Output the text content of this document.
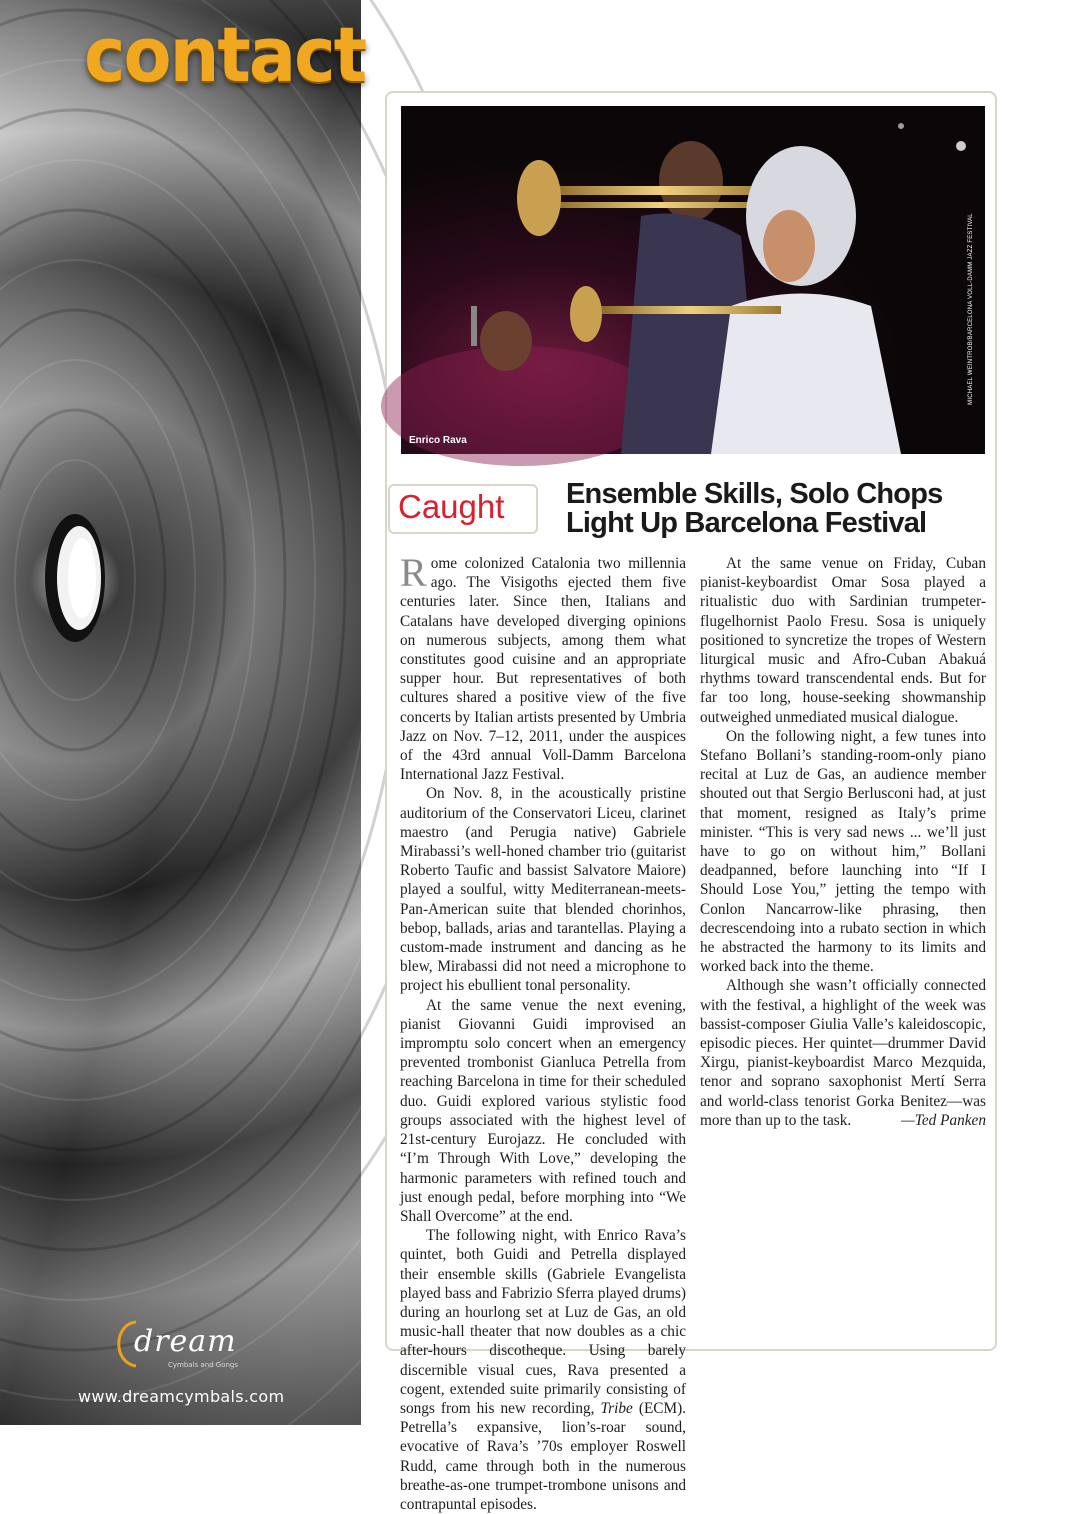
contact
dream
Cymbals and Gongs
www.dreamcymbals.com
Enrico Rava
MICHAEL WEINTROB/BARCELONA VOLL-DAMM JAZZ FESTIVAL
Caught Ensemble Skills, Solo Chops Light Up Barcelona Festival

Rome colonized Catalonia two millennia ago. The Visigoths ejected them five centuries later. Since then, Italians and Catalans have developed diverging opinions on numerous subjects, among them what constitutes good cuisine and an appropriate supper hour. But representatives of both cultures shared a positive view of the five concerts by Italian artists presented by Umbria Jazz on Nov. 7–12, 2011, under the auspices of the 43rd annual Voll-Damm Barcelona International Jazz Festival.

On Nov. 8, in the acoustically pristine auditorium of the Conservatori Liceu, clarinet maestro (and Perugia native) Gabriele Mirabassi’s well-honed chamber trio (guitarist Roberto Taufic and bassist Salvatore Maiore) played a soulful, witty Mediterranean-meets-Pan-American suite that blended chorinhos, bebop, ballads, arias and tarantellas. Playing a custom-made instrument and dancing as he blew, Mirabassi did not need a microphone to project his ebullient tonal personality.

At the same venue the next evening, pianist Giovanni Guidi improvised an impromptu solo concert when an emergency prevented trombonist Gianluca Petrella from reaching Barcelona in time for their scheduled duo. Guidi explored various stylistic food groups associated with the highest level of 21st-century Eurojazz. He concluded with “I’m Through With Love,” developing the harmonic parameters with refined touch and just enough pedal, before morphing into “We Shall Overcome” at the end.

The following night, with Enrico Rava’s quintet, both Guidi and Petrella displayed their ensemble skills (Gabriele Evangelista played bass and Fabrizio Sferra played drums) during an hourlong set at Luz de Gas, an old music-hall theater that now doubles as a chic after-hours discotheque. Using barely discernible visual cues, Rava presented a cogent, extended suite primarily consisting of songs from his new recording, Tribe (ECM). Petrella’s expansive, lion’s-roar sound, evocative of Rava’s ’70s employer Roswell Rudd, came through both in the numerous breathe-as-one trumpet-trombone unisons and contrapuntal episodes.

At the same venue on Friday, Cuban pianist-keyboardist Omar Sosa played a ritualistic duo with Sardinian trumpeter-flugelhornist Paolo Fresu. Sosa is uniquely positioned to syncretize the tropes of Western liturgical music and Afro-Cuban Abakuá rhythms toward transcendental ends. But for far too long, house-seeking showmanship outweighed unmediated musical dialogue.

On the following night, a few tunes into Stefano Bollani’s standing-room-only piano recital at Luz de Gas, an audience member shouted out that Sergio Berlusconi had, at just that moment, resigned as Italy’s prime minister. “This is very sad news ... we’ll just have to go on without him,” Bollani deadpanned, before launching into “If I Should Lose You,” jetting the tempo with Conlon Nancarrow-like phrasing, then decrescendoing into a rubato section in which he abstracted the harmony to its limits and worked back into the theme.

Although she wasn’t officially connected with the festival, a highlight of the week was bassist-composer Giulia Valle’s kaleidoscopic, episodic pieces. Her quintet—drummer David Xirgu, pianist-keyboardist Marco Mezquida, tenor and soprano saxophonist Mertí Serra and world-class tenorist Gorka Benitez—was more than up to the task.	—Ted Panken
